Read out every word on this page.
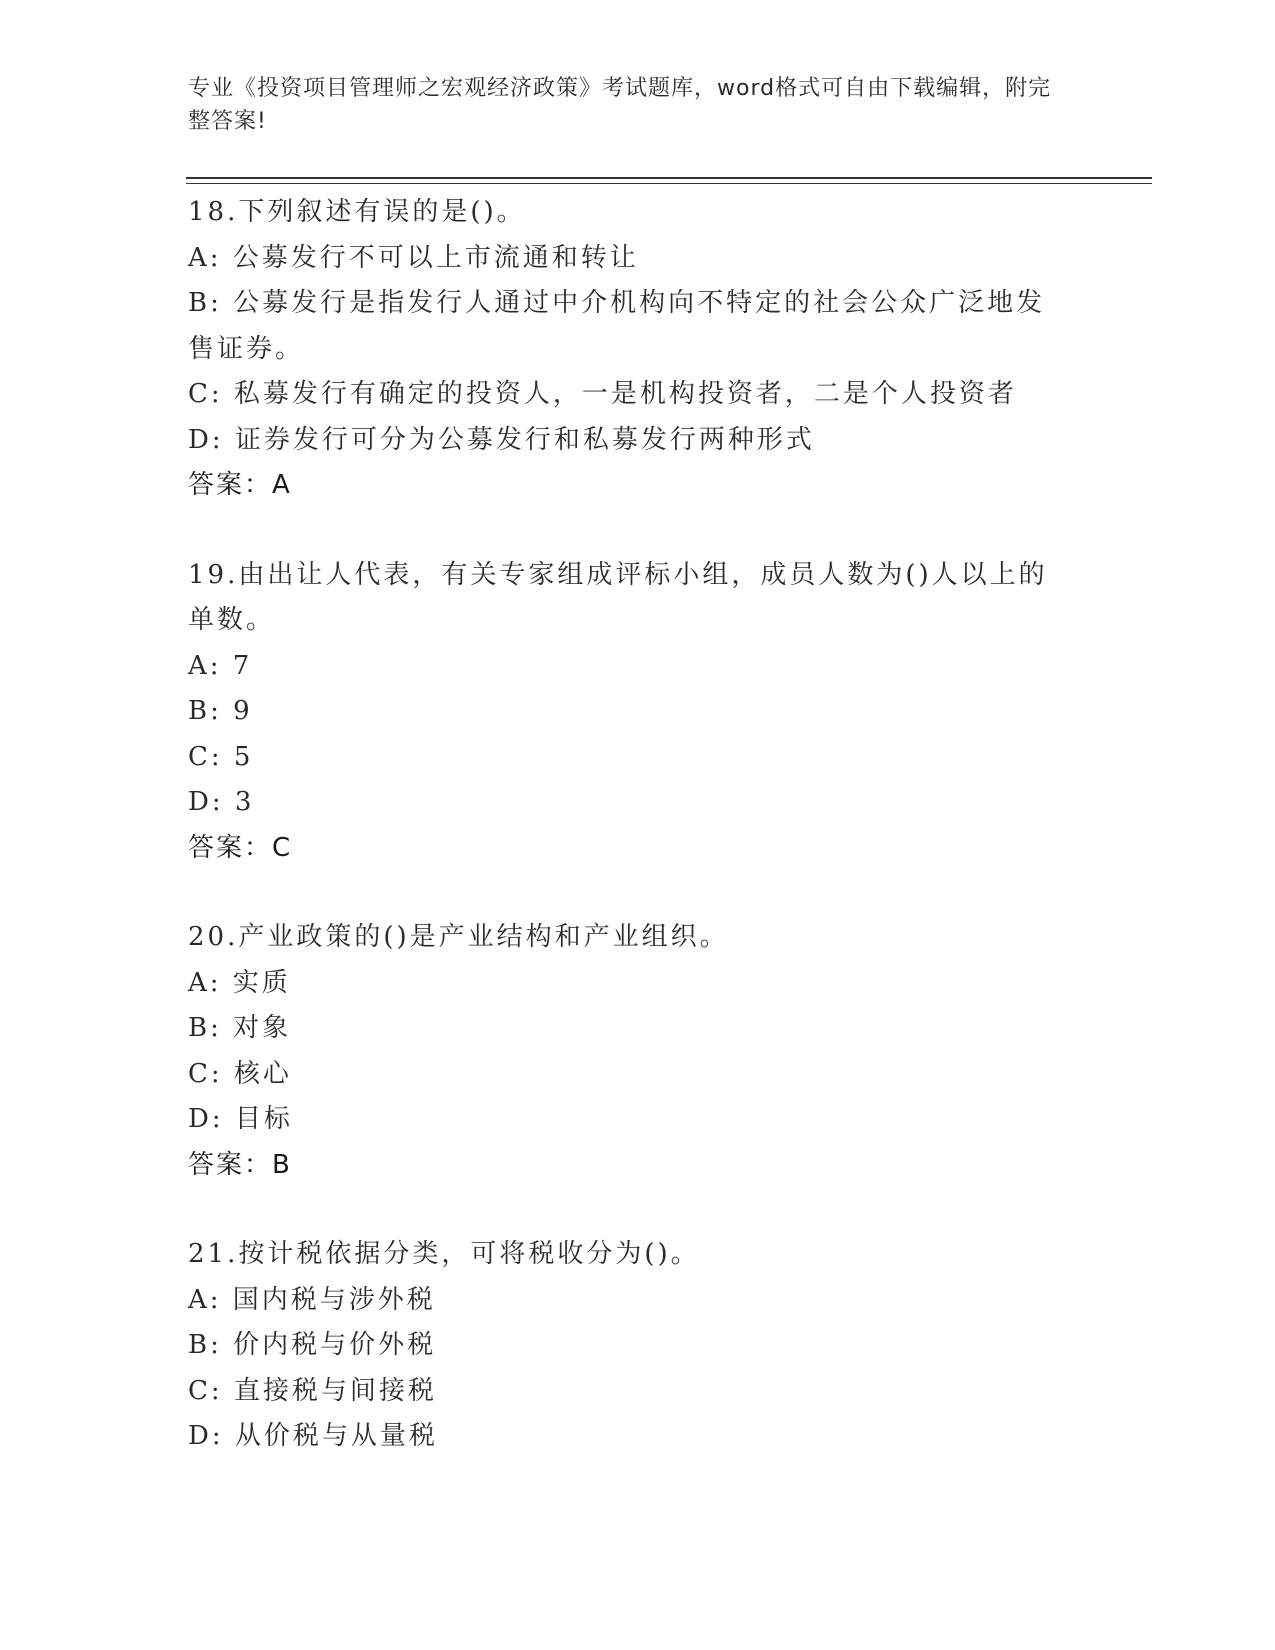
专业《投资项目管理师之宏观经济政策》考试题库，word格式可自由下载编辑，附完整答案!
18.下列叙述有误的是()。
A: 公募发行不可以上市流通和转让
B: 公募发行是指发行人通过中介机构向不特定的社会公众广泛地发售证券。
C: 私募发行有确定的投资人，一是机构投资者，二是个人投资者
D: 证券发行可分为公募发行和私募发行两种形式
答案：A
19.由出让人代表，有关专家组成评标小组，成员人数为()人以上的单数。
A: 7
B: 9
C: 5
D: 3
答案：C
20.产业政策的()是产业结构和产业组织。
A: 实质
B: 对象
C: 核心
D: 目标
答案：B
21.按计税依据分类，可将税收分为()。
A: 国内税与涉外税
B: 价内税与价外税
C: 直接税与间接税
D: 从价税与从量税
